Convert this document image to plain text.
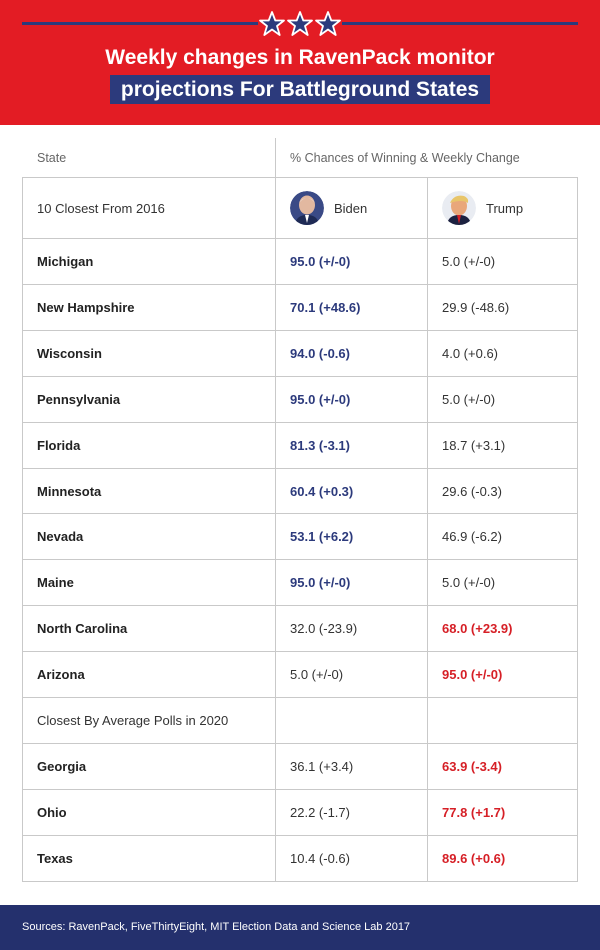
Weekly changes in RavenPack monitor
projections For Battleground States
State	% Chances of Winning & Weekly Change
10 Closest From 2016	Biden	Trump
Michigan	95.0 (+/-0)	5.0 (+/-0)
New Hampshire	70.1 (+48.6)	29.9 (-48.6)
Wisconsin	94.0 (-0.6)	4.0 (+0.6)
Pennsylvania	95.0 (+/-0)	5.0 (+/-0)
Florida	81.3 (-3.1)	18.7 (+3.1)
Minnesota	60.4 (+0.3)	29.6 (-0.3)
Nevada	53.1 (+6.2)	46.9 (-6.2)
Maine	95.0 (+/-0)	5.0 (+/-0)
North Carolina	32.0 (-23.9)	68.0 (+23.9)
Arizona	5.0 (+/-0)	95.0 (+/-0)
Closest By Average Polls in 2020
Georgia	36.1 (+3.4)	63.9 (-3.4)
Ohio	22.2 (-1.7)	77.8 (+1.7)
Texas	10.4 (-0.6)	89.6 (+0.6)
Sources: RavenPack, FiveThirtyEight, MIT Election Data and Science Lab 2017
